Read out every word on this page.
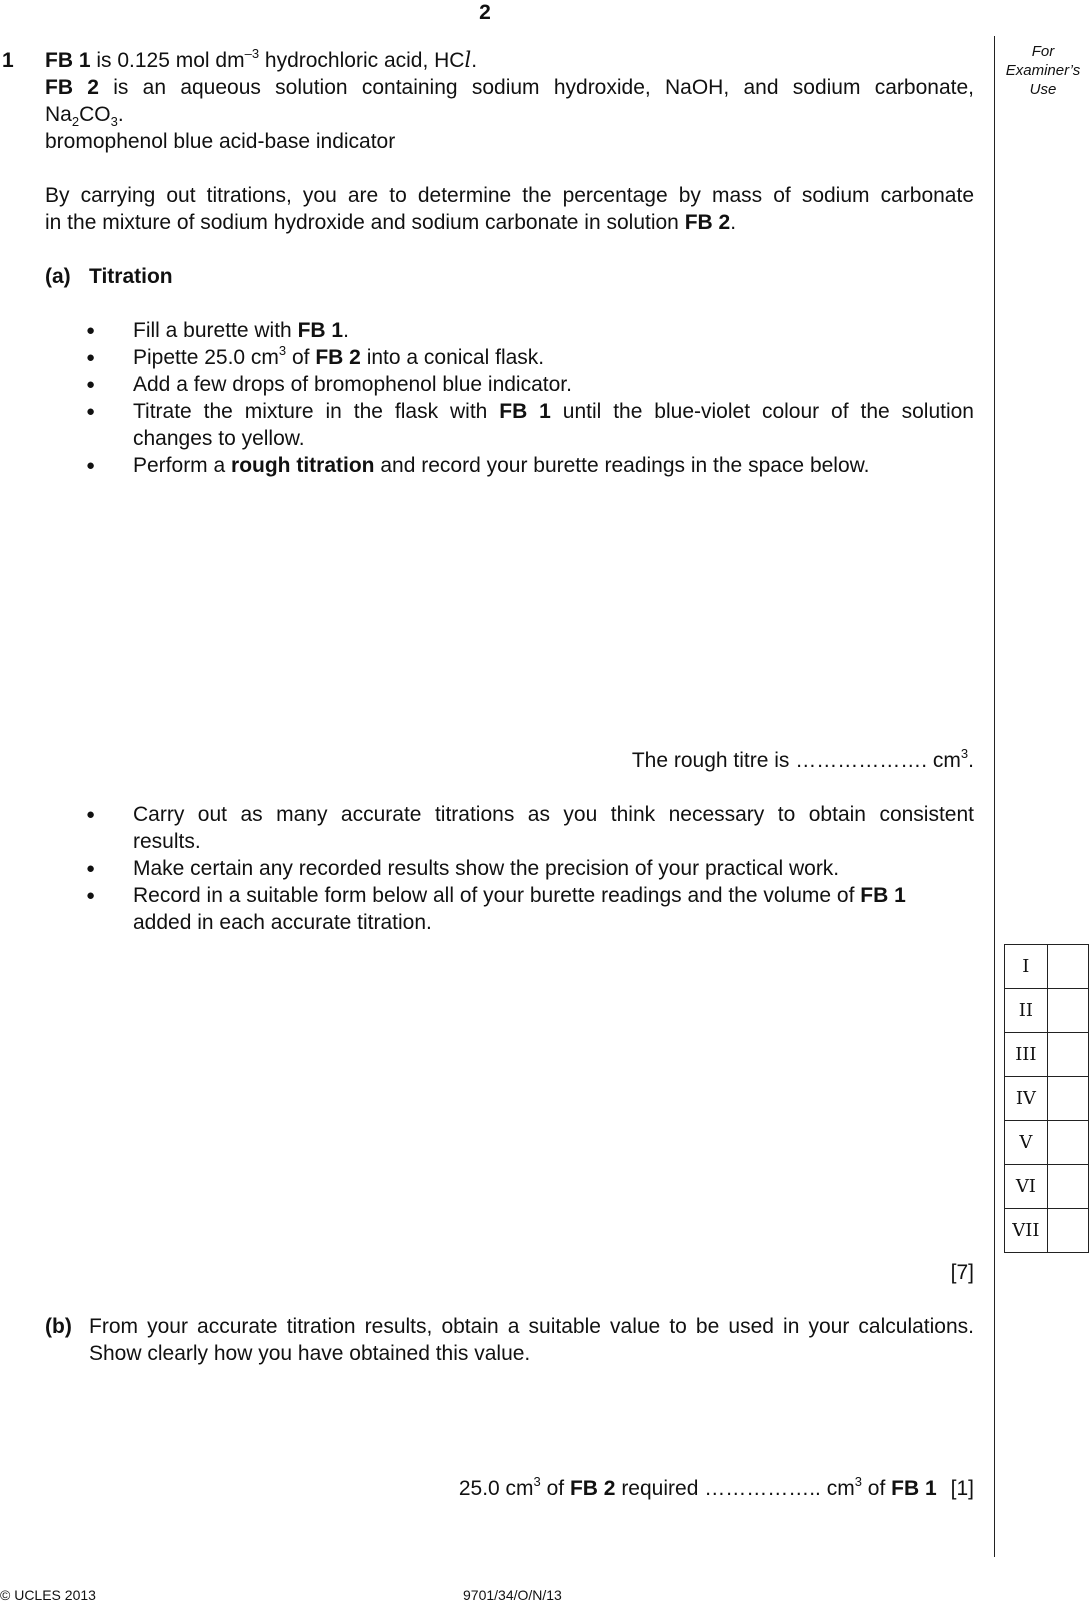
2
For
Examiner’s
Use
1 FB 1 is 0.125 mol $dm^{-3}$ hydrochloric acid, HCl.
FB 2 is an aqueous solution containing sodium hydroxide, NaOH, and sodium carbonate,
$Na_2CO_3$.
bromophenol blue acid-base indicator
By carrying out titrations, you are to determine the percentage by mass of sodium carbonate
in the mixture of sodium hydroxide and sodium carbonate in solution FB 2.
(a) Titration
● Fill a burette with FB 1.
● Pipette 25.0 $cm^3$ of FB 2 into a conical flask.
● Add a few drops of bromophenol blue indicator.
● Titrate the mixture in the flask with FB 1 until the blue-violet colour of the solution
changes to yellow.
● Perform a rough titration and record your burette readings in the space below.
The rough titre is ………………. $cm^3$.
● Carry out as many accurate titrations as you think necessary to obtain consistent
results.
● Make certain any recorded results show the precision of your practical work.
● Record in a suitable form below all of your burette readings and the volume of FB 1
added in each accurate titration.
I	
II	
III	
IV	
V	
VI	
VII	
[7]
(b) From your accurate titration results, obtain a suitable value to be used in your calculations.
Show clearly how you have obtained this value.
25.0 $cm^3$ of FB 2 required …………….. $cm^3$ of FB 1 [1]
© UCLES 2013	9701/34/O/N/13
